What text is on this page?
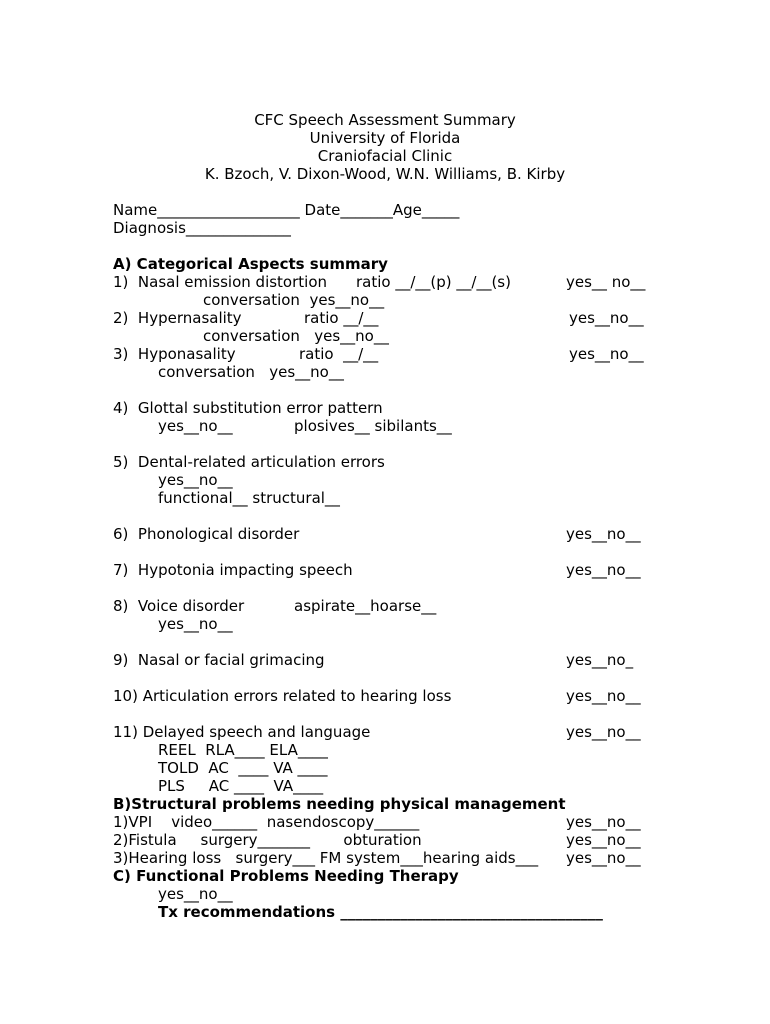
CFC Speech Assessment Summary
University of Florida
Craniofacial Clinic
K. Bzoch, V. Dixon-Wood, W.N. Williams, B. Kirby
Name___________________ Date_______Age_____
Diagnosis______________
A) Categorical Aspects summary
1)  Nasal emission distortion ratio __/__(p) __/__(s)	yes__ no__
conversation  yes__no__
2)  Hypernasality	ratio __/__	yes__no__
conversation   yes__no__
3)  Hyponasality	ratio  __/__	yes__no__
conversation   yes__no__
4)  Glottal substitution error pattern
yes__no__	plosives__ sibilants__
5)  Dental-related articulation errors
yes__no__
functional__ structural__
6)  Phonological disorder	yes__no__
7)  Hypotonia impacting speech	yes__no__
8)  Voice disorder	aspirate__hoarse__
yes__no__
9)  Nasal or facial grimacing	yes__no_
10) Articulation errors related to hearing loss	yes__no__
11) Delayed speech and language	yes__no__
REEL  RLA____ ELA____
TOLD  AC  ____ VA ____
PLS     AC ____  VA____
B)Structural problems needing physical management
1)VPI    video______  nasendoscopy______	yes__no__
2)Fistula     surgery_______       obturation	yes__no__
3)Hearing loss   surgery___ FM system___hearing aids___ yes__no__
C) Functional Problems Needing Therapy
yes__no__
Tx recommendations ___________________________________
